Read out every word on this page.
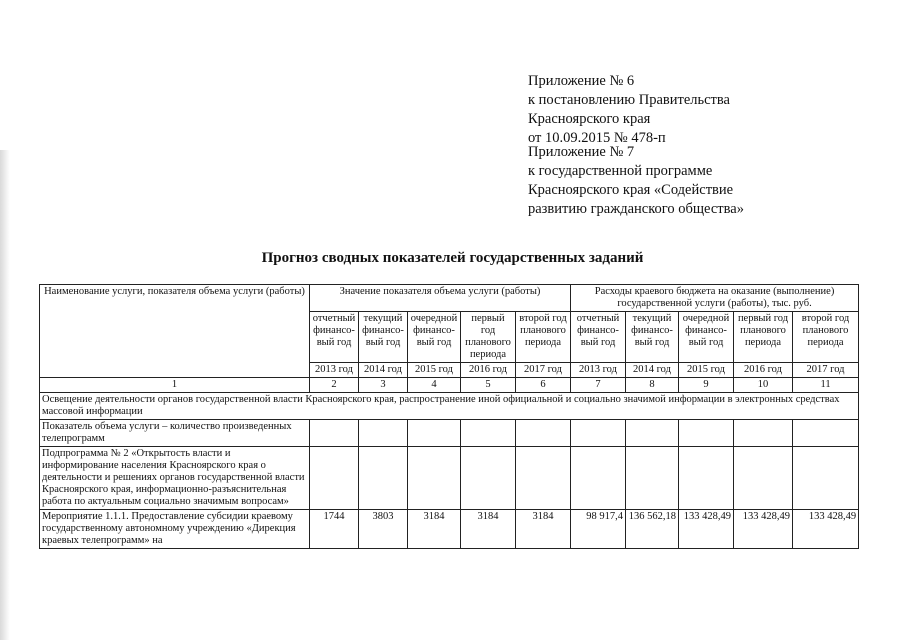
Приложение № 6
к постановлению Правительства
Красноярского края
от 10.09.2015 № 478-п
Приложение № 7
к государственной программе
Красноярского края «Содействие
развитию гражданского общества»
Прогноз сводных показателей государственных заданий
Наименование услуги, показателя объема услуги (работы)	Значение показателя объема услуги (работы)					Расходы краевого бюджета на оказание (выполнение) государственной услуги (работы), тыс. руб.				
	отчетный финансо-вый год	текущий финансо-вый год	очередной финансо-вый год	первый год планового периода	второй год планового периода	отчетный финансо-вый год	текущий финансо-вый год	очередной финансо-вый год	первый год планового периода	второй год планового периода
	2013 год	2014 год	2015 год	2016 год	2017 год	2013 год	2014 год	2015 год	2016 год	2017 год
1	2	3	4	5	6	7	8	9	10	11
Освещение деятельности органов государственной власти Красноярского края, распространение иной официальной и социально значимой информации в электронных средствах массовой информации										
Показатель объема услуги – количество произведенных телепрограмм										
Подпрограмма № 2 «Открытость власти и информирование населения Красноярского края о деятельности и решениях органов государственной власти Красноярского края, информационно-разъяснительная работа по актуальным социально значимым вопросам»										
Мероприятие 1.1.1. Предоставление субсидии краевому государственному автономному учреждению «Дирекция краевых телепрограмм» на	1744	3803	3184	3184	3184	98 917,4	136 562,18	133 428,49	133 428,49	133 428,49
